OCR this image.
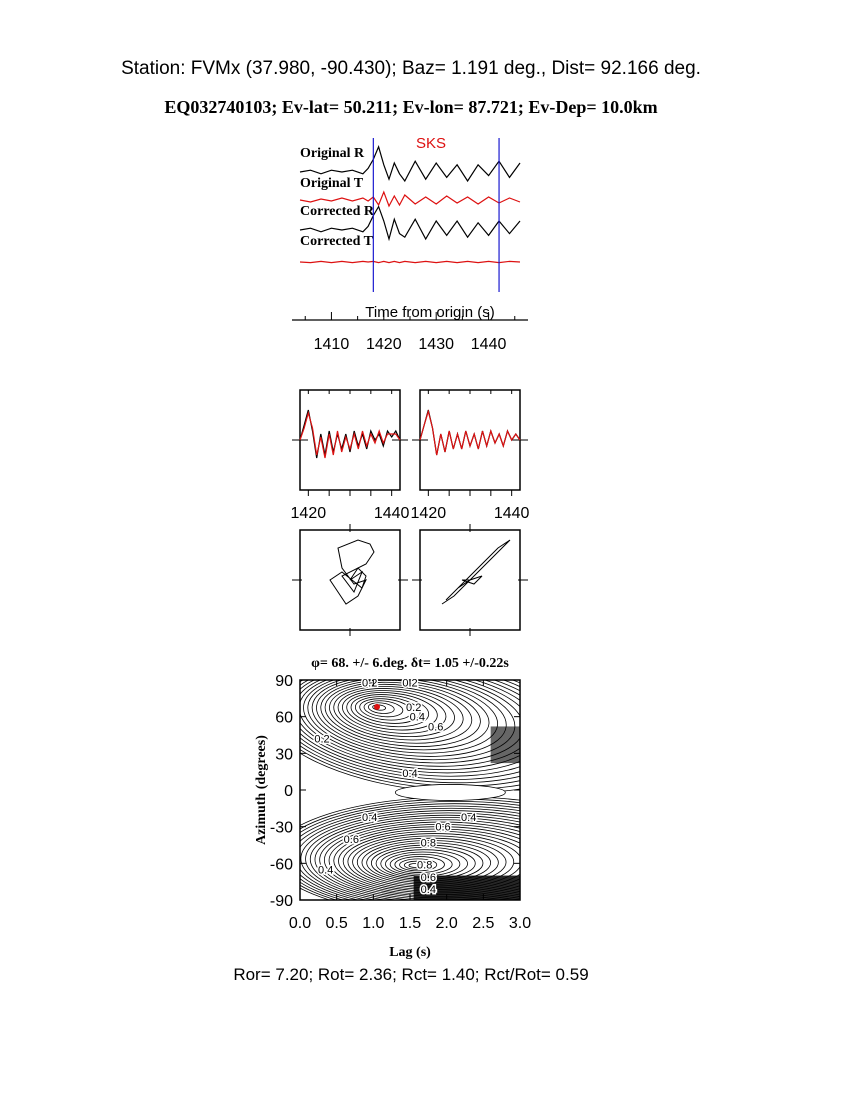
Station: FVMx (37.980, -90.430); Baz= 1.191 deg., Dist= 92.166 deg.
EQ032740103; Ev-lat= 50.211; Ev-lon= 87.721; Ev-Dep= 10.0km
Original R
Original T
Corrected R
Corrected T
SKS
Time from origin (s)
1410 1420 1430 1440
1420	1440 1420	1440
0.2 0.2
0.2
0.4
0.6
0.2
0.4
0.4	0.4
0.6
0.6	0.8
0.4	0.8
0.6
0.4
0.0 0.5 1.0 1.5 2.0 2.5 3.0
90
60
30
0
-30
-60
-90
φ= 68. +/- 6.deg. δt= 1.05 +/-0.22s
Lag (s)
Azimuth (degrees)
Ror= 7.20; Rot= 2.36; Rct= 1.40; Rct/Rot= 0.59
